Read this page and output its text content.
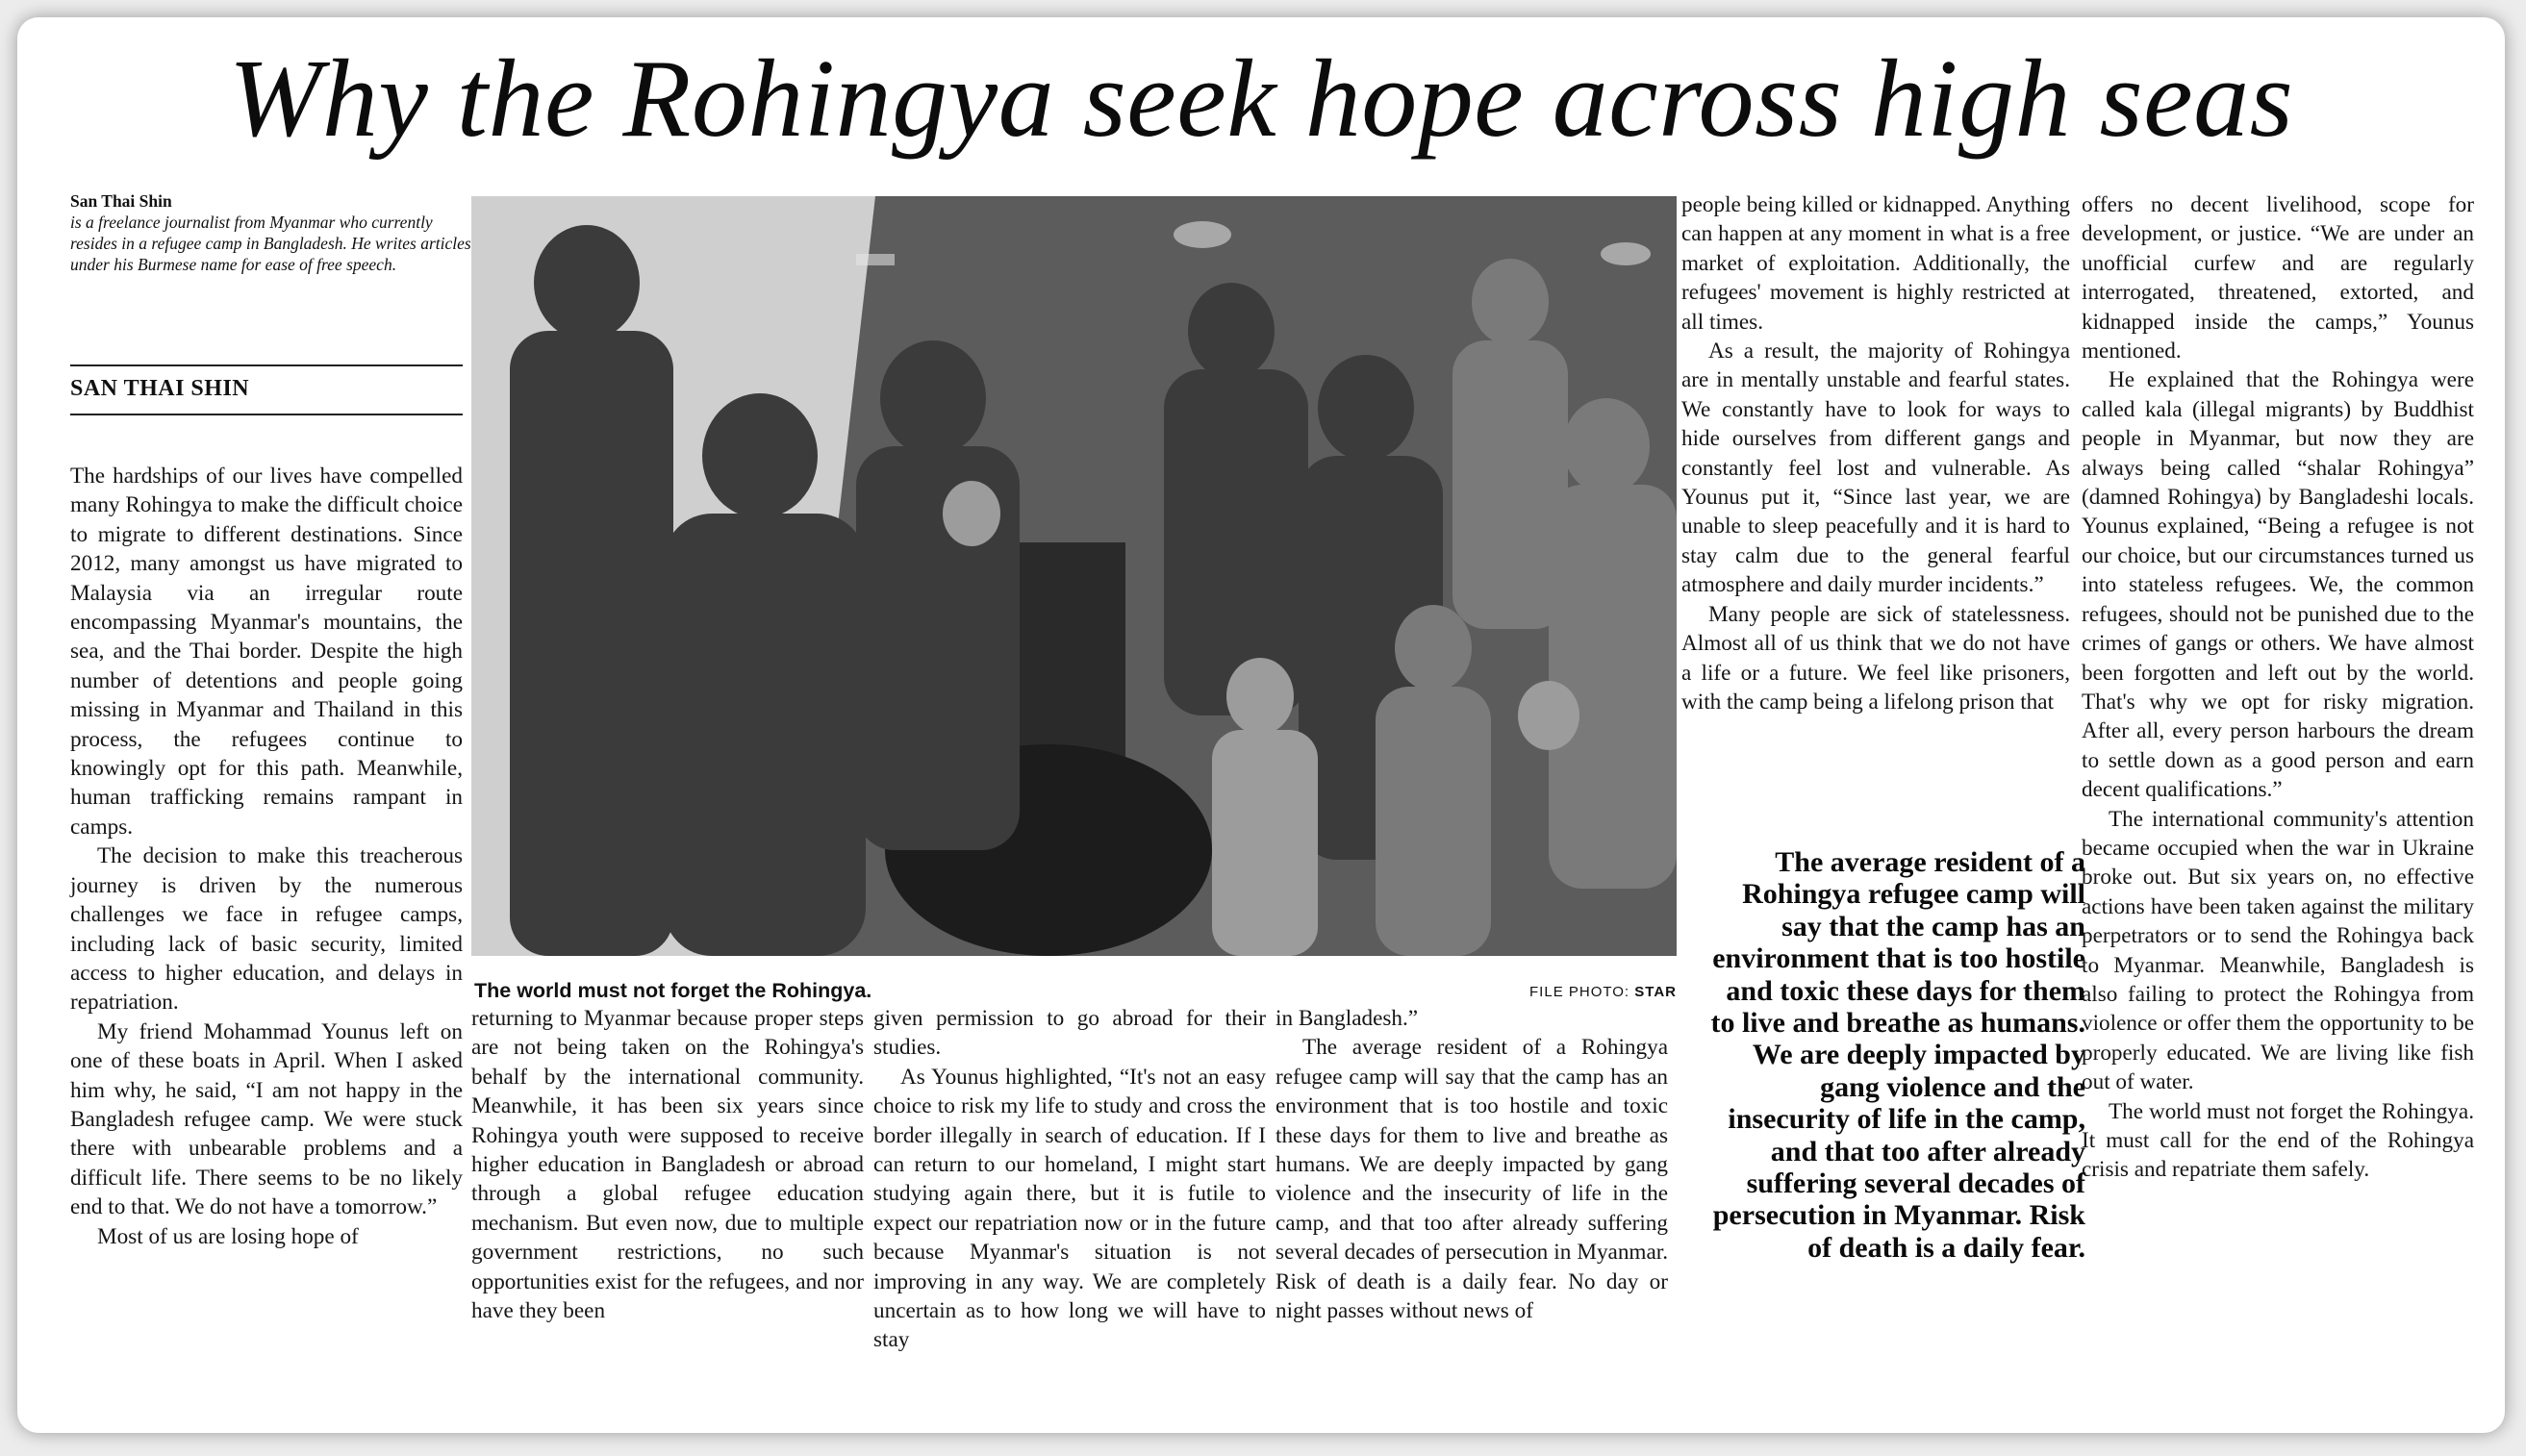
Why the Rohingya seek hope across high seas
San Thai Shin
is a freelance journalist from Myanmar who currently resides in a refugee camp in Bangladesh. He writes articles under his Burmese name for ease of free speech.
SAN THAI SHIN

The hardships of our lives have compelled many Rohingya to make the difficult choice to migrate to different destinations. Since 2012, many amongst us have migrated to Malaysia via an irregular route encompassing Myanmar's mountains, the sea, and the Thai border. Despite the high number of detentions and people going missing in Myanmar and Thailand in this process, the refugees continue to knowingly opt for this path. Meanwhile, human trafficking remains rampant in camps.

The decision to make this treacherous journey is driven by the numerous challenges we face in refugee camps, including lack of basic security, limited access to higher education, and delays in repatriation.

My friend Mohammad Younus left on one of these boats in April. When I asked him why, he said, “I am not happy in the Bangladesh refugee camp. We were stuck there with unbearable problems and a difficult life. There seems to be no likely end to that. We do not have a tomorrow.”

Most of us are losing hope of

The world must not forget the Rohingya.	FILE PHOTO: STAR

returning to Myanmar because proper steps are not being taken on the Rohingya's behalf by the international community. Meanwhile, it has been six years since Rohingya youth were supposed to receive higher education in Bangladesh or abroad through a global refugee education mechanism. But even now, due to multiple government restrictions, no such opportunities exist for the refugees, and nor have they been

given permission to go abroad for their studies.

As Younus highlighted, “It's not an easy choice to risk my life to study and cross the border illegally in search of education. If I can return to our homeland, I might start studying again there, but it is futile to expect our repatriation now or in the future because Myanmar's situation is not improving in any way. We are completely uncertain as to how long we will have to stay

in Bangladesh.”

The average resident of a Rohingya refugee camp will say that the camp has an environment that is too hostile and toxic these days for them to live and breathe as humans. We are deeply impacted by gang violence and the insecurity of life in the camp, and that too after already suffering several decades of persecution in Myanmar. Risk of death is a daily fear. No day or night passes without news of

people being killed or kidnapped. Anything can happen at any moment in what is a free market of exploitation. Additionally, the refugees' movement is highly restricted at all times.

As a result, the majority of Rohingya are in mentally unstable and fearful states. We constantly have to look for ways to hide ourselves from different gangs and constantly feel lost and vulnerable. As Younus put it, “Since last year, we are unable to sleep peacefully and it is hard to stay calm due to the general fearful atmosphere and daily murder incidents.”

Many people are sick of statelessness. Almost all of us think that we do not have a life or a future. We feel like prisoners, with the camp being a lifelong prison that

The average resident of a Rohingya refugee camp will say that the camp has an environment that is too hostile and toxic these days for them to live and breathe as humans. We are deeply impacted by gang violence and the insecurity of life in the camp, and that too after already suffering several decades of persecution in Myanmar. Risk of death is a daily fear.

offers no decent livelihood, scope for development, or justice. “We are under an unofficial curfew and are regularly interrogated, threatened, extorted, and kidnapped inside the camps,” Younus mentioned.

He explained that the Rohingya were called kala (illegal migrants) by Buddhist people in Myanmar, but now they are always being called “shalar Rohingya” (damned Rohingya) by Bangladeshi locals. Younus explained, “Being a refugee is not our choice, but our circumstances turned us into stateless refugees. We, the common refugees, should not be punished due to the crimes of gangs or others. We have almost been forgotten and left out by the world. That's why we opt for risky migration. After all, every person harbours the dream to settle down as a good person and earn decent qualifications.”

The international community's attention became occupied when the war in Ukraine broke out. But six years on, no effective actions have been taken against the military perpetrators or to send the Rohingya back to Myanmar. Meanwhile, Bangladesh is also failing to protect the Rohingya from violence or offer them the opportunity to be properly educated. We are living like fish out of water.

The world must not forget the Rohingya. It must call for the end of the Rohingya crisis and repatriate them safely.
